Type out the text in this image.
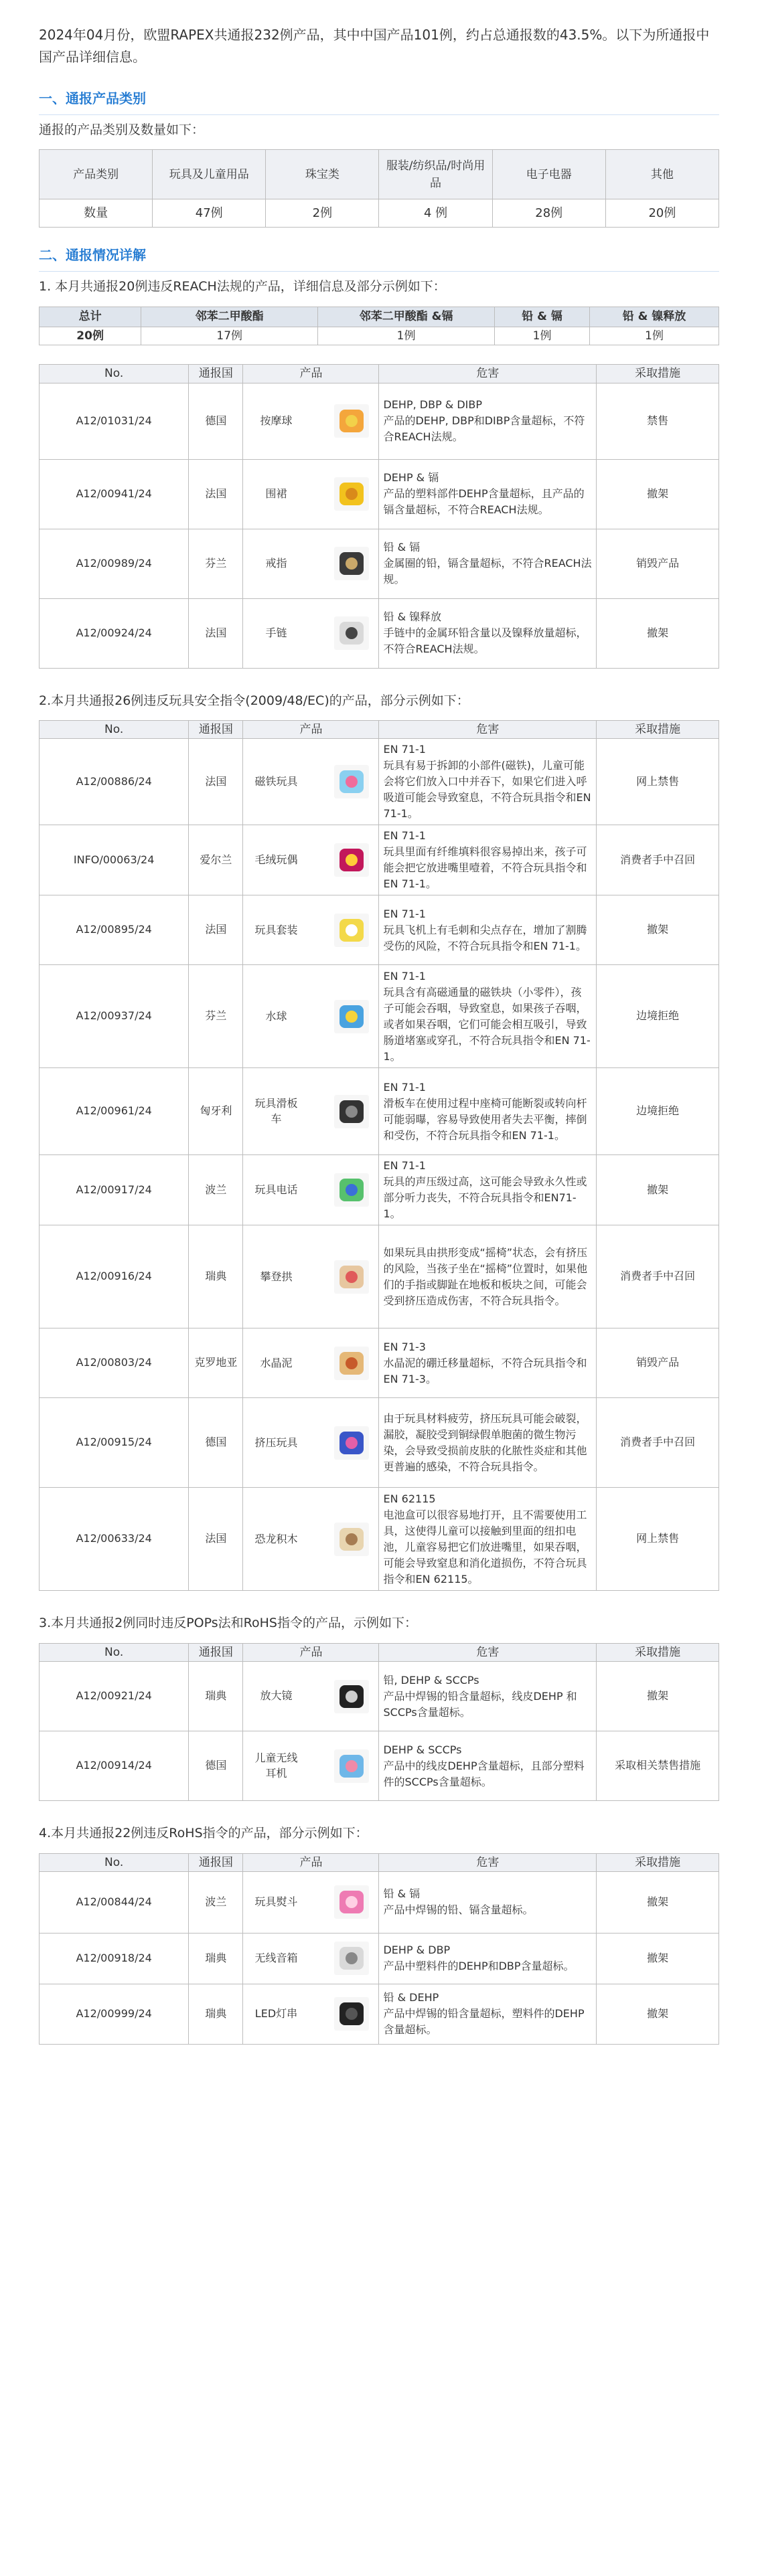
2024年04月份，欧盟RAPEX共通报232例产品，其中中国产品101例，约占总通报数的43.5%。以下为所通报中国产品详细信息。

一、通报产品类别

通报的产品类别及数量如下：

产品类别	玩具及儿童用品	珠宝类	服装/纺织品/时尚用品	电子电器	其他
数量	47例	2例	4 例	28例	20例
二、通报情况详解

1. 本月共通报20例违反REACH法规的产品，详细信息及部分示例如下：

总计	邻苯二甲酸酯	邻苯二甲酸酯 &镉	铅 & 镉	铅 & 镍释放
20例	17例	1例	1例	1例
No.	通报国	产品	危害	采取措施
A12/01031/24	德国	按摩球	DEHP, DBP & DIBP
产品的DEHP, DBP和DIBP含量超标，不符合REACH法规。	禁售
A12/00941/24	法国	围裙	DEHP & 镉
产品的塑料部件DEHP含量超标，且产品的镉含量超标，不符合REACH法规。	撤架
A12/00989/24	芬兰	戒指	铅 & 镉
金属圈的铅，镉含量超标，不符合REACH法规。	销毁产品
A12/00924/24	法国	手链	铅 & 镍释放
手链中的金属环铅含量以及镍释放量超标，不符合REACH法规。	撤架

2.本月共通报26例违反玩具安全指令(2009/48/EC)的产品，部分示例如下：

No.	通报国	产品	危害	采取措施
A12/00886/24	法国	磁铁玩具	EN 71-1
玩具有易于拆卸的小部件(磁铁)，儿童可能会将它们放入口中并吞下，如果它们进入呼吸道可能会导致窒息，不符合玩具指令和EN 71-1。	网上禁售
INFO/00063/24	爱尔兰	毛绒玩偶	EN 71-1
玩具里面有纤维填料很容易掉出来，孩子可能会把它放进嘴里噎着，不符合玩具指令和EN 71-1。	消费者手中召回
A12/00895/24	法国	玩具套装	EN 71-1
玩具飞机上有毛刺和尖点存在，增加了割腾受伤的风险，不符合玩具指令和EN 71-1。	撤架
A12/00937/24	芬兰	水球	EN 71-1
玩具含有高磁通量的磁铁块（小零件），孩子可能会吞咽，导致窒息，如果孩子吞咽，或者如果吞咽，它们可能会相互吸引，导致肠道堵塞或穿孔，不符合玩具指令和EN 71-1。	边境拒绝
A12/00961/24	匈牙利	玩具滑板车	EN 71-1
滑板车在使用过程中座椅可能断裂或转向杆可能弱曝，容易导致使用者失去平衡，摔倒和受伤，不符合玩具指令和EN 71-1。	边境拒绝
A12/00917/24	波兰	玩具电话	EN 71-1
玩具的声压级过高，这可能会导致永久性或部分听力丧失，不符合玩具指令和EN71-1。	撤架
A12/00916/24	瑞典	攀登拱	如果玩具由拱形变成“摇椅”状态，会有挤压的风险，当孩子坐在“摇椅”位置时，如果他们的手指或脚趾在地板和板块之间，可能会受到挤压造成伤害，不符合玩具指令。	消费者手中召回
A12/00803/24	克罗地亚	水晶泥	EN 71-3
水晶泥的硼迁移量超标，不符合玩具指令和EN 71-3。	销毁产品
A12/00915/24	德国	挤压玩具	由于玩具材料疲劳，挤压玩具可能会破裂，漏胶，凝胶受到铜绿假单胞菌的微生物污染，会导致受损前皮肤的化脓性炎症和其他更普遍的感染，不符合玩具指令。	消费者手中召回
A12/00633/24	法国	恐龙积木	EN 62115
电池盒可以很容易地打开，且不需要使用工具，这使得儿童可以接触到里面的纽扣电池，儿童容易把它们放进嘴里，如果吞咽，可能会导致窒息和消化道损伤，不符合玩具指令和EN 62115。	网上禁售

3.本月共通报2例同时违反POPs法和RoHS指令的产品，示例如下：

No.	通报国	产品	危害	采取措施
A12/00921/24	瑞典	放大镜	铅, DEHP & SCCPs
产品中焊锡的铅含量超标，线皮DEHP 和SCCPs含量超标。	撤架
A12/00914/24	德国	儿童无线耳机	DEHP & SCCPs
产品中的线皮DEHP含量超标，且部分塑料件的SCCPs含量超标。	采取相关禁售措施

4.本月共通报22例违反RoHS指令的产品，部分示例如下：

No.	通报国	产品	危害	采取措施
A12/00844/24	波兰	玩具熨斗	铅 & 镉
产品中焊锡的铅、镉含量超标。	撤架
A12/00918/24	瑞典	无线音箱	DEHP & DBP
产品中塑料件的DEHP和DBP含量超标。	撤架
A12/00999/24	瑞典	LED灯串	铅 & DEHP
产品中焊锡的铅含量超标，塑料件的DEHP含量超标。	撤架
